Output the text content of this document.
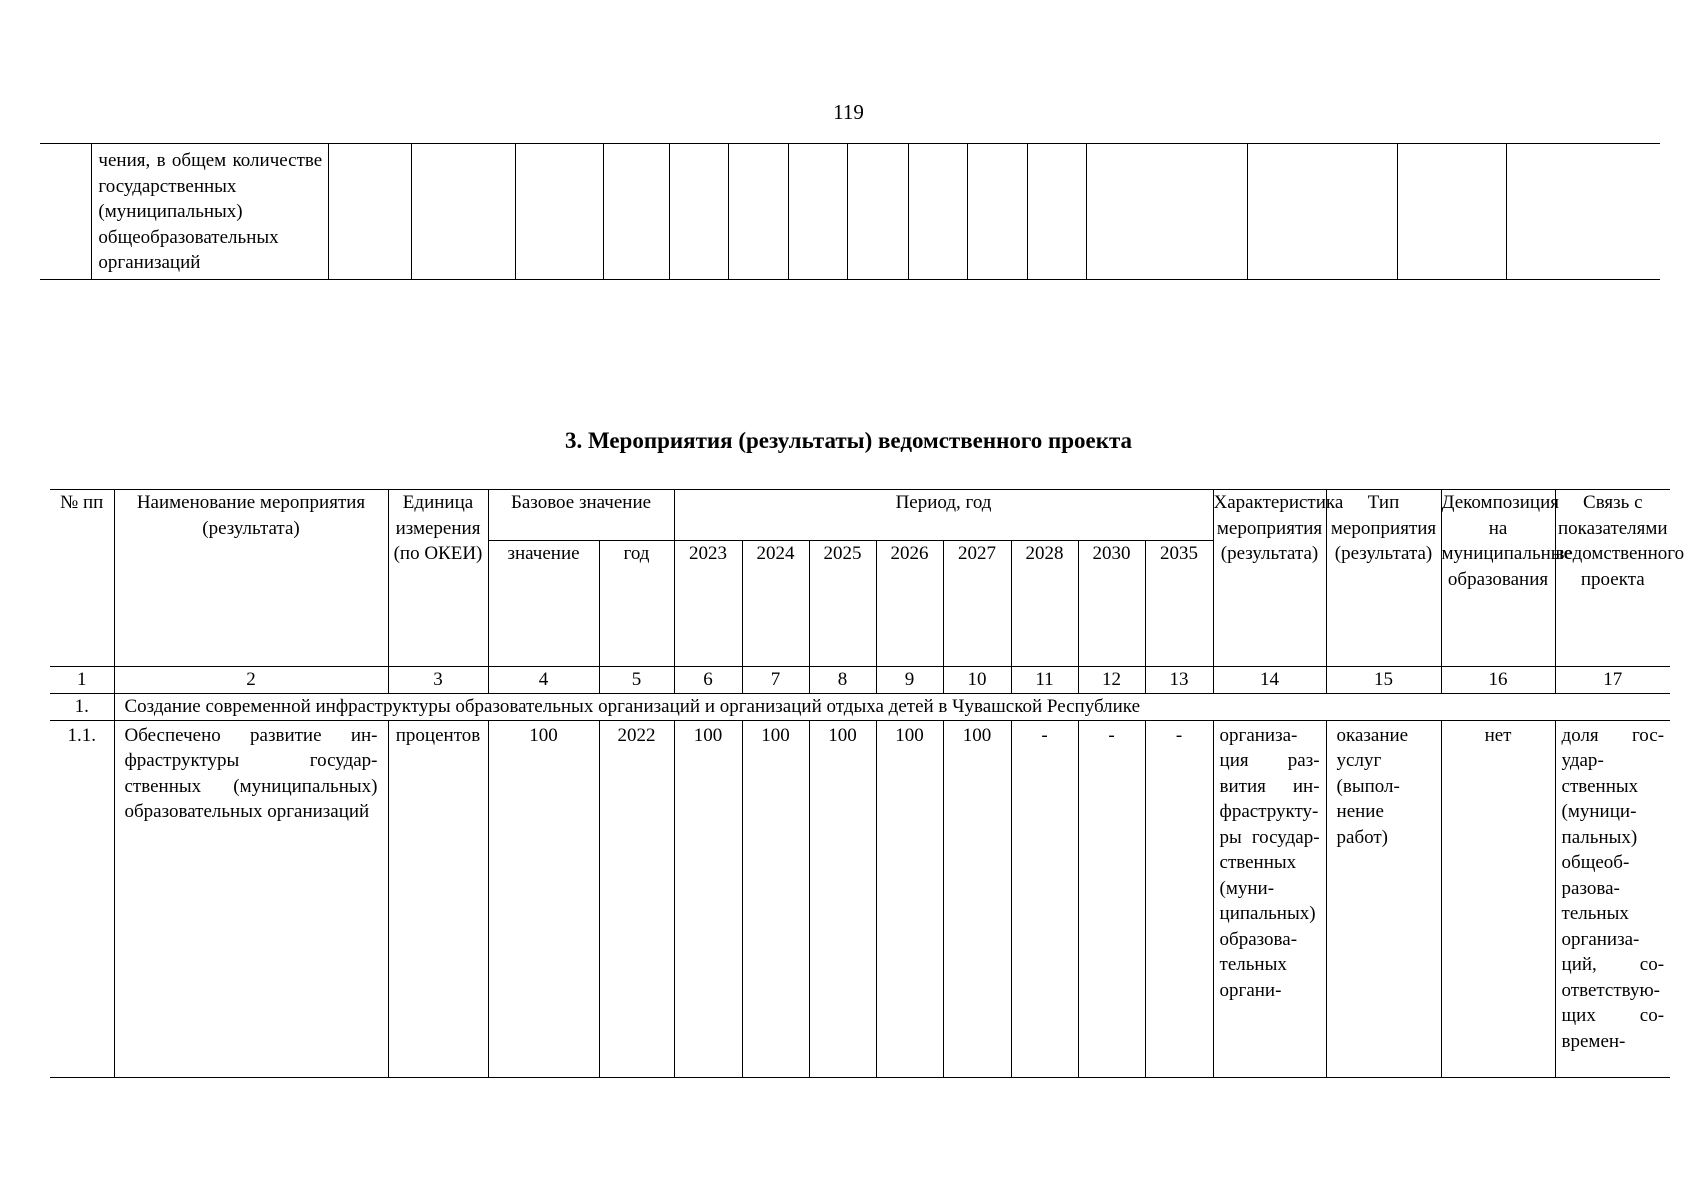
119
	чения, в общем количестве государственных (муниципальных) общеобразовательных организаций															
3. Мероприятия (результаты) ведомственного проекта
№ пп	Наименование мероприятия (результата)	Единица измерения (по ОКЕИ)	Базовое значение		Период, год								Характеристика мероприятия (результата)	Тип мероприятия (результата)	Декомпозиция на муниципальные образования	Связь с показателями ведомственного проекта
			значение	год	2023	2024	2025	2026	2027	2028	2030	2035				
1	2	3	4	5	6	7	8	9	10	11	12	13	14	15	16	17
1.	Создание современной инфраструктуры образовательных организаций и организаций отдыха детей в Чувашской Республике															
1.1.	Обеспечено развитие инфраструктуры государственных (муниципальных) образовательных организаций	процентов	100	2022	100	100	100	100	100	-	-	-	организация развития инфраструктуры государственных (муниципальных) образовательных органи-	оказание услуг (выполнение работ)	нет	доля государственных (муниципальных) общеобразовательных организаций, соответствующих современ-
